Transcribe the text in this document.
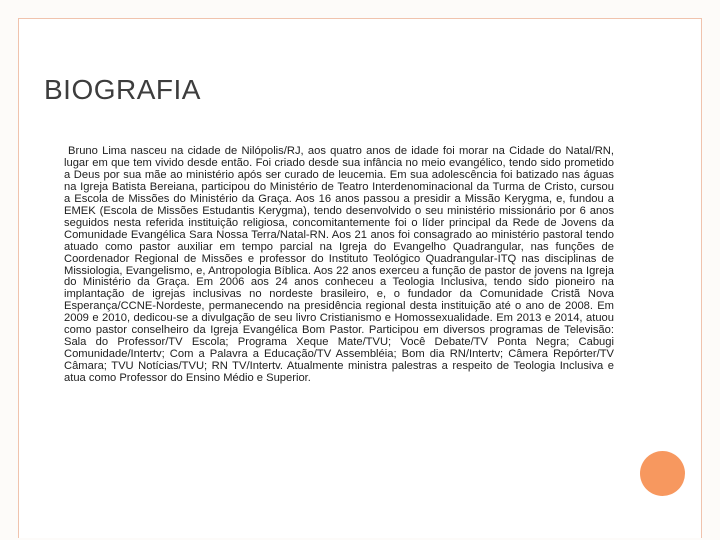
BIOGRAFIA

Bruno Lima nasceu na cidade de Nilópolis/RJ, aos quatro anos de idade foi morar na Cidade do Natal/RN, lugar em que tem vivido desde então. Foi criado desde sua infância no meio evangélico, tendo sido prometido a Deus por sua mãe ao ministério após ser curado de leucemia. Em sua adolescência foi batizado nas águas na Igreja Batista Bereiana, participou do Ministério de Teatro Interdenominacional da Turma de Cristo, cursou a Escola de Missões do Ministério da Graça. Aos 16 anos passou a presidir a Missão Kerygma, e, fundou a EMEK (Escola de Missões Estudantis Kerygma), tendo desenvolvido o seu ministério missionário por 6 anos seguidos nesta referida instituição religiosa, concomitantemente foi o líder principal da Rede de Jovens da Comunidade Evangélica Sara Nossa Terra/Natal-RN. Aos 21 anos foi consagrado ao ministério pastoral tendo atuado como pastor auxiliar em tempo parcial na Igreja do Evangelho Quadrangular, nas funções de Coordenador Regional de Missões e professor do Instituto Teológico Quadrangular-ITQ nas disciplinas de Missiologia, Evangelismo, e, Antropologia Bíblica. Aos 22 anos exerceu a função de pastor de jovens na Igreja do Ministério da Graça. Em 2006 aos 24 anos conheceu a Teologia Inclusiva, tendo sido pioneiro na implantação de igrejas inclusivas no nordeste brasileiro, e, o fundador da Comunidade Cristã Nova Esperança/CCNE-Nordeste, permanecendo na presidência regional desta instituição até o ano de 2008. Em 2009 e 2010, dedicou-se a divulgação de seu livro Cristianismo e Homossexualidade. Em 2013 e 2014, atuou como pastor conselheiro da Igreja Evangélica Bom Pastor. Participou em diversos programas de Televisão: Sala do Professor/TV Escola; Programa Xeque Mate/TVU; Você Debate/TV Ponta Negra; Cabugi Comunidade/Intertv; Com a Palavra a Educação/TV Assembléia; Bom dia RN/Intertv; Câmera Repórter/TV Câmara; TVU Notícias/TVU; RN TV/Intertv. Atualmente ministra palestras a respeito de Teologia Inclusiva e atua como Professor do Ensino Médio e Superior.
